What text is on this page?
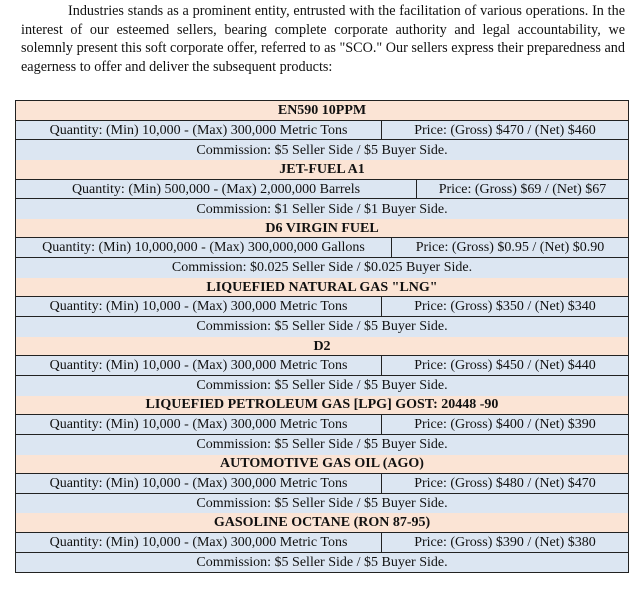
Industries stands as a prominent entity, entrusted with the facilitation of various operations. In the interest of our esteemed sellers, bearing complete corporate authority and legal accountability, we solemnly present this soft corporate offer, referred to as "SCO." Our sellers express their preparedness and eagerness to offer and deliver the subsequent products:

EN590 10PPM
Quantity: (Min) 10,000 - (Max) 300,000 Metric Tons	Price: (Gross) $470 / (Net) $460
Commission: $5 Seller Side / $5 Buyer Side.
JET-FUEL A1
Quantity: (Min) 500,000 - (Max) 2,000,000 Barrels	Price: (Gross) $69 / (Net) $67
Commission: $1 Seller Side / $1 Buyer Side.
D6 VIRGIN FUEL
Quantity: (Min) 10,000,000 - (Max) 300,000,000 Gallons	Price: (Gross) $0.95 / (Net) $0.90
Commission: $0.025 Seller Side / $0.025 Buyer Side.
LIQUEFIED NATURAL GAS "LNG"
Quantity: (Min) 10,000 - (Max) 300,000 Metric Tons	Price: (Gross) $350 / (Net) $340
Commission: $5 Seller Side / $5 Buyer Side.
D2
Quantity: (Min) 10,000 - (Max) 300,000 Metric Tons	Price: (Gross) $450 / (Net) $440
Commission: $5 Seller Side / $5 Buyer Side.
LIQUEFIED PETROLEUM GAS [LPG] GOST: 20448 -90
Quantity: (Min) 10,000 - (Max) 300,000 Metric Tons	Price: (Gross) $400 / (Net) $390
Commission: $5 Seller Side / $5 Buyer Side.
AUTOMOTIVE GAS OIL (AGO)
Quantity: (Min) 10,000 - (Max) 300,000 Metric Tons	Price: (Gross) $480 / (Net) $470
Commission: $5 Seller Side / $5 Buyer Side.
GASOLINE OCTANE (RON 87-95)
Quantity: (Min) 10,000 - (Max) 300,000 Metric Tons	Price: (Gross) $390 / (Net) $380
Commission: $5 Seller Side / $5 Buyer Side.
